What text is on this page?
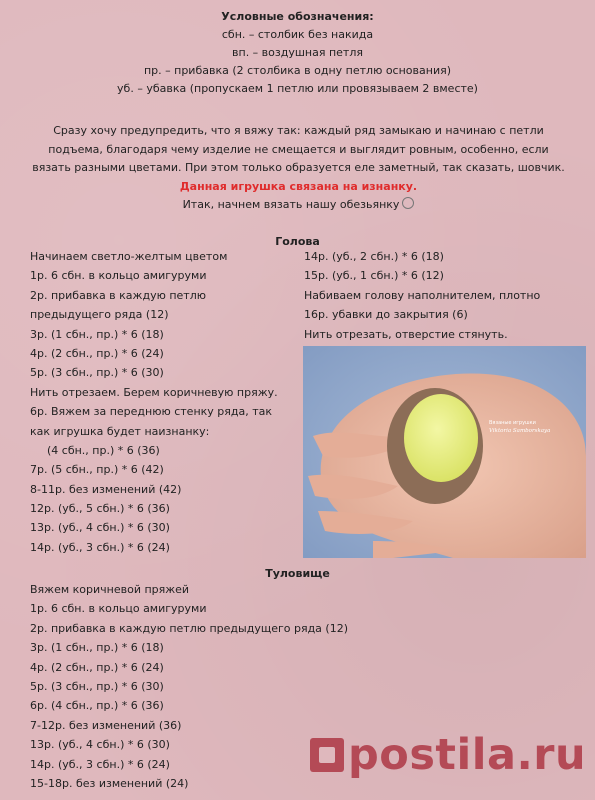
Условные обозначения:
сбн. – столбик без накида
вп. – воздушная петля
пр. – прибавка (2 столбика в одну петлю основания)
уб. – убавка (пропускаем 1 петлю или провязываем 2 вместе)
Сразу хочу предупредить, что я вяжу так: каждый ряд замыкаю и начинаю с петли
подъема, благодаря чему изделие не смещается и выглядит ровным, особенно, если
вязать разными цветами. При этом только образуется еле заметный, так сказать, шовчик.
Данная игрушка связана на изнанку.
Итак, начнем вязать нашу обезьянку
Голова
Начинаем светло-желтым цветом
1р. 6 сбн. в кольцо амигуруми
2р. прибавка в каждую петлю
предыдущего ряда (12)
3р. (1 сбн., пр.) * 6 (18)
4р. (2 сбн., пр.) * 6 (24)
5р. (3 сбн., пр.) * 6 (30)
Нить отрезаем. Берем коричневую пряжу.
6р. Вяжем за переднюю стенку ряда, так
как игрушка будет наизнанку:
(4 сбн., пр.) * 6 (36)
7р. (5 сбн., пр.) * 6 (42)
8-11р. без изменений (42)
12р. (уб., 5 сбн.) * 6 (36)
13р. (уб., 4 сбн.) * 6 (30)
14р. (уб., 3 сбн.) * 6 (24)
14р. (уб., 2 сбн.) * 6 (18)
15р. (уб., 1 сбн.) * 6 (12)
Набиваем голову наполнителем, плотно
16р. убавки до закрытия (6)
Нить отрезать, отверстие стянуть.
Вязаные игрушки
Viktoria Samborskaya
Туловище
Вяжем коричневой пряжей
1р. 6 сбн. в кольцо амигуруми
2р. прибавка в каждую петлю предыдущего ряда (12)
3р. (1 сбн., пр.) * 6 (18)
4р. (2 сбн., пр.) * 6 (24)
5р. (3 сбн., пр.) * 6 (30)
6р. (4 сбн., пр.) * 6 (36)
7-12р. без изменений (36)
13р. (уб., 4 сбн.) * 6 (30)
14р. (уб., 3 сбн.) * 6 (24)
15-18р. без изменений (24)
postila.ru
